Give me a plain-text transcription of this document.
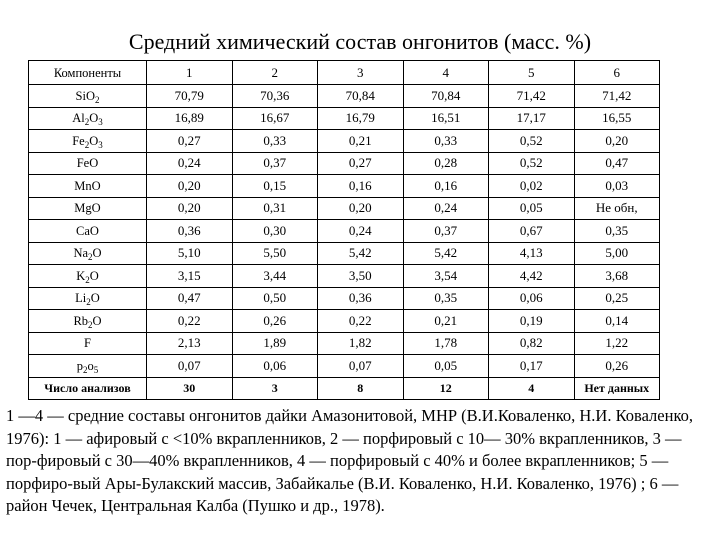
Средний химический состав онгонитов (масс. %)
Компоненты	1	2	3	4	5	6
SiO$_2$	70,79	70,36	70,84	70,84	71,42	71,42
$Al_2O_3$	16,89	16,67	16,79	16,51	17,17	16,55
$Fe_2O_3$	0,27	0,33	0,21	0,33	0,52	0,20
FeO	0,24	0,37	0,27	0,28	0,52	0,47
MnO	0,20	0,15	0,16	0,16	0,02	0,03
MgO	0,20	0,31	0,20	0,24	0,05	Не обн,
CaO	0,36	0,30	0,24	0,37	0,67	0,35
$Na_2O$	5,10	5,50	5,42	5,42	4,13	5,00
$K_2O$	3,15	3,44	3,50	3,54	4,42	3,68
$Li_2O$	0,47	0,50	0,36	0,35	0,06	0,25
$Rb_2O$	0,22	0,26	0,22	0,21	0,19	0,14
F	2,13	1,89	1,82	1,78	0,82	1,22
$p_2o_5$	0,07	0,06	0,07	0,05	0,17	0,26
Число анализов	30	3	8	12	4	Нет данных
1 —4 — средние составы онгонитов дайки Амазонитовой, МНР (В.И.Коваленко, Н.И. Коваленко, 1976): 1 — афировый с <10% вкрапленников, 2 — порфировый с 10— 30% вкрапленников, 3 — пор-фировый с 30—40% вкрапленников, 4 — порфировый с 40% и более вкрапленников; 5 — порфиро-вый Ары-Булакский массив, Забайкалье (В.И. Коваленко, Н.И. Коваленко, 1976) ; 6 — район Чечек, Центральная Калба (Пушко и др., 1978).
